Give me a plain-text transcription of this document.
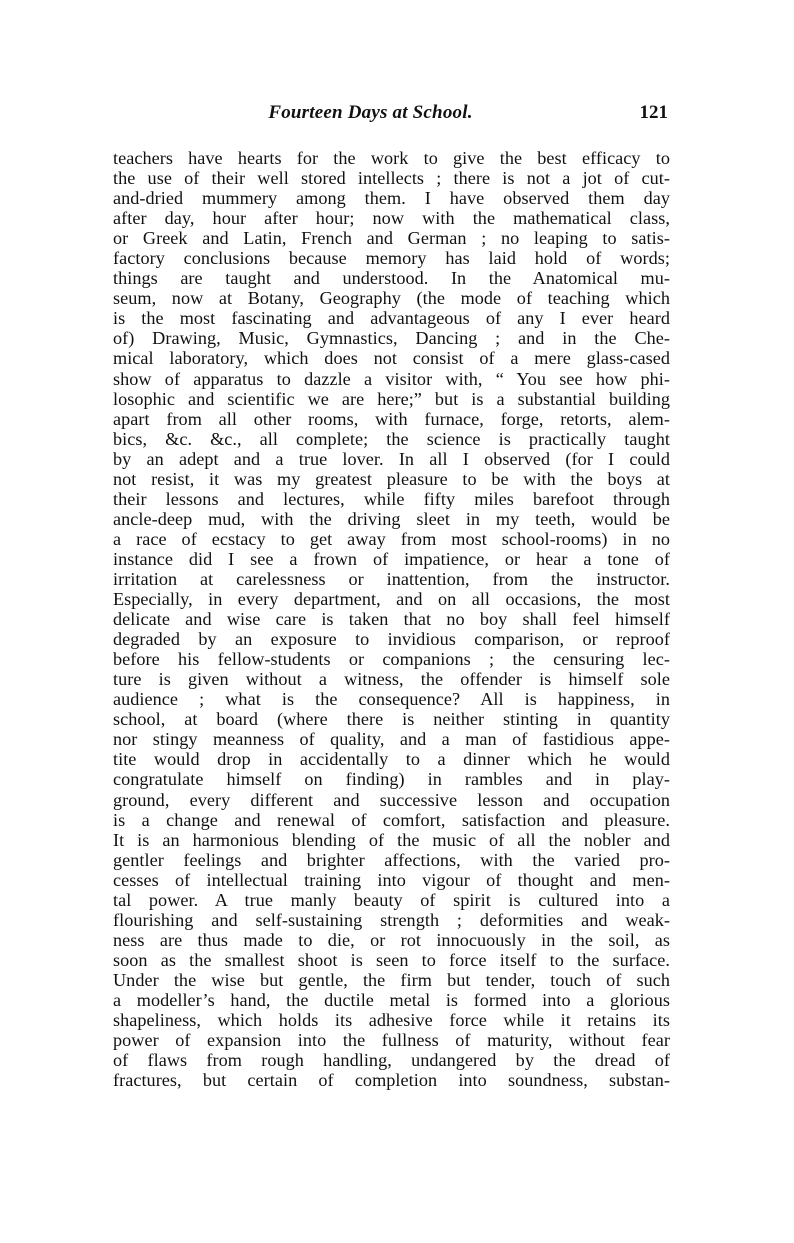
Fourteen Days at School.	121
teachers have hearts for the work to give the best efficacy to
the use of their well stored intellects ; there is not a jot of cut-
and-dried mummery among them. I have observed them day
after day, hour after hour; now with the mathematical class,
or Greek and Latin, French and German ; no leaping to satis-
factory conclusions because memory has laid hold of words;
things are taught and understood. In the Anatomical mu-
seum, now at Botany, Geography (the mode of teaching which
is the most fascinating and advantageous of any I ever heard
of) Drawing, Music, Gymnastics, Dancing ; and in the Che-
mical laboratory, which does not consist of a mere glass-cased
show of apparatus to dazzle a visitor with, “ You see how phi-
losophic and scientific we are here;” but is a substantial building
apart from all other rooms, with furnace, forge, retorts, alem-
bics, &c. &c., all complete; the science is practically taught
by an adept and a true lover. In all I observed (for I could
not resist, it was my greatest pleasure to be with the boys at
their lessons and lectures, while fifty miles barefoot through
ancle-deep mud, with the driving sleet in my teeth, would be
a race of ecstacy to get away from most school-rooms) in no
instance did I see a frown of impatience, or hear a tone of
irritation at carelessness or inattention, from the instructor.
Especially, in every department, and on all occasions, the most
delicate and wise care is taken that no boy shall feel himself
degraded by an exposure to invidious comparison, or reproof
before his fellow-students or companions ; the censuring lec-
ture is given without a witness, the offender is himself sole
audience ; what is the consequence? All is happiness, in
school, at board (where there is neither stinting in quantity
nor stingy meanness of quality, and a man of fastidious appe-
tite would drop in accidentally to a dinner which he would
congratulate himself on finding) in rambles and in play-
ground, every different and successive lesson and occupation
is a change and renewal of comfort, satisfaction and pleasure.
It is an harmonious blending of the music of all the nobler and
gentler feelings and brighter affections, with the varied pro-
cesses of intellectual training into vigour of thought and men-
tal power. A true manly beauty of spirit is cultured into a
flourishing and self-sustaining strength ; deformities and weak-
ness are thus made to die, or rot innocuously in the soil, as
soon as the smallest shoot is seen to force itself to the surface.
Under the wise but gentle, the firm but tender, touch of such
a modeller’s hand, the ductile metal is formed into a glorious
shapeliness, which holds its adhesive force while it retains its
power of expansion into the fullness of maturity, without fear
of flaws from rough handling, undangered by the dread of
fractures, but certain of completion into soundness, substan-
